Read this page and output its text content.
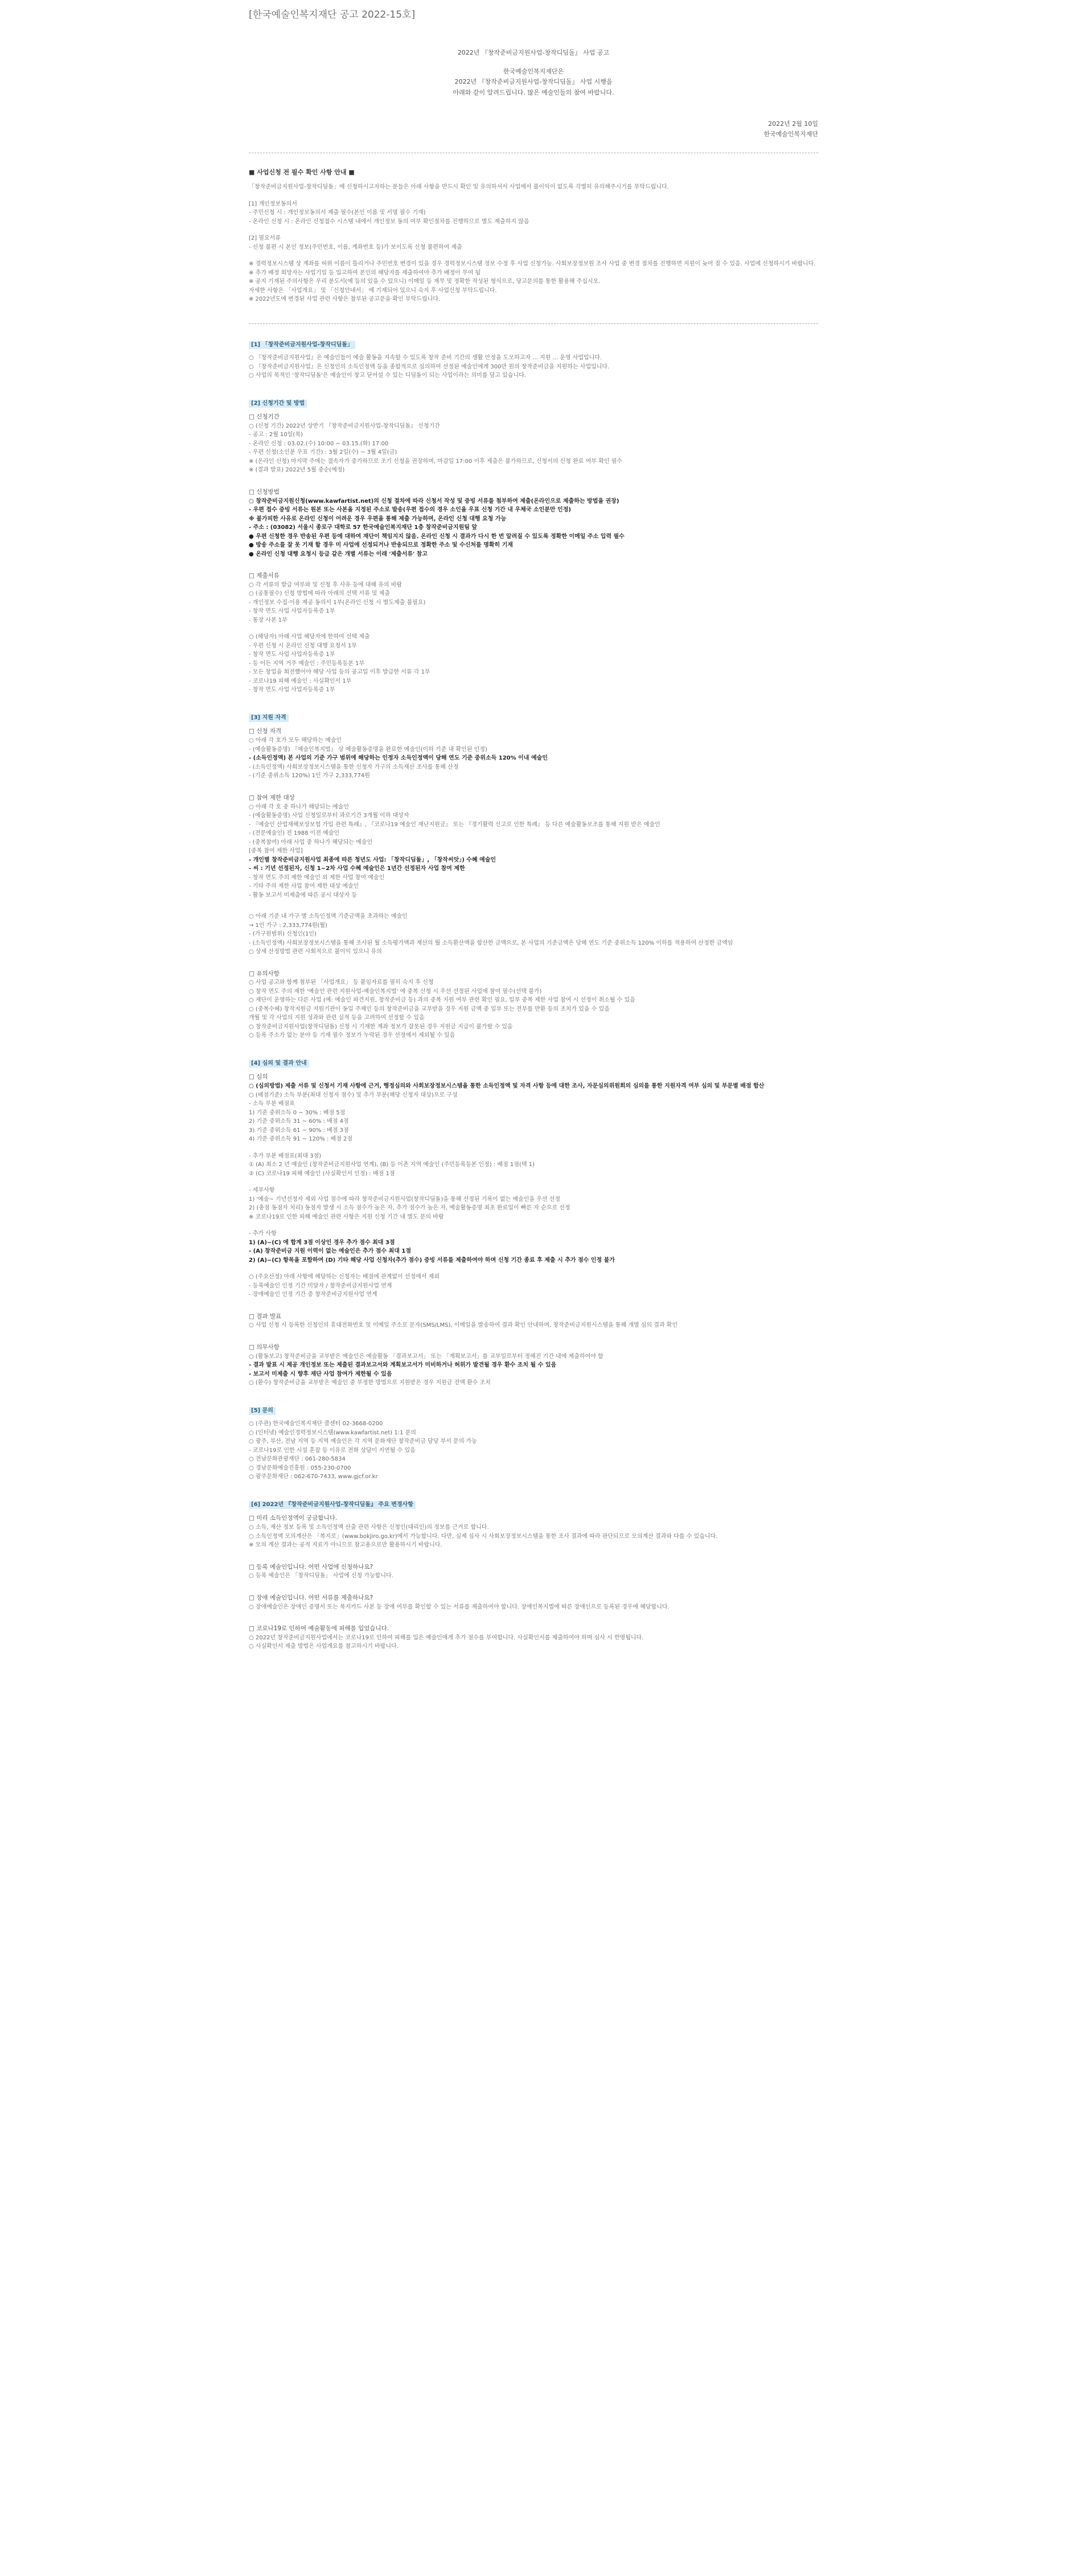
[한국예술인복지재단 공고 2022-15호]

2022년 『창작준비금지원사업-창작디딤돌』 사업 공고

한국예술인복지재단은

2022년 『창작준비금지원사업-창작디딤돌』 사업 시행을

아래와 같이 알려드립니다. 많은 예술인들의 참여 바랍니다.

2022년 2월 10일

한국예술인복지재단

■ 사업신청 전 필수 확인 사항 안내 ■

「창작준비금지원사업-창작디딤돌」에 신청하시고자하는 분들은 아래 사항을 반드시 확인 및 유의하셔서 사업에서 불이익이 없도록 각별히 유의해주시기를 부탁드립니다.

[1] 개인정보동의서

- 주민신청 시 : 개인정보동의서 제출 필수(본인 이름 및 서명 필수 기재)

- 온라인 신청 시 : 온라인 신청접수 시스템 내에서 개인정보 동의 여부 확인절차를 진행하므로 별도 제출하지 않음

[2] 필요서류

- 신청 불편 시 본인 정보(주민번호, 이름, 계좌번호 등)가 보이도록 신청 불편하여 제출

※ 경력정보시스템 상 계좌를 허위 이름이 틀리거나 주민번호 변경이 있을 경우 경력정보시스템 정보 수정 후 사업 신청가능. 사회보장정보원 조사 사업 중 변경 절차를 진행하면 지원이 늦어 질 수 있음. 사업에 신청하시기 바랍니다.

※ 추가 배정 희망자는 사업기일 등 입고하여 본인의 해당자를 제출하여야 추가 배정이 무여 됨

※ 공지 기재된 주의사항은 우리 분도서(예 등의 있을 수 있으니) 이메일 등 재무 및 정확한 작성된 형식으로, 당고문의를 통한 활용해 주십시오.

자세한 사항은 「사업개요」 및 「신청안내서」 에 기재되어 있으니 숙지 후 사업신청 부탁드립니다.

※ 2022년도에 변경된 사업 관련 사항은 참부된 공고문을 확인 부탁드립니다.

[1] 「창작준비금지원사업-창작디딤돌」

○ 『창작준비금지원사업』은 예술인들이 예술 활동을 지속할 수 있도록 창작 준비 기간의 생활 안정을 도모하고자 ... 지원 ... 운영 사업입니다.

○ 『창작준비금지원사업』은 신청인의 소득인정액 등을 종합적으로 심의하여 선정된 예술인에게 300만 원의 창작준비금을 지원하는 사업입니다.

○ 사업의 목적인 '창작디딤돌'은 예술인이 창고 딛어설 수 있는 디딤돌이 되는 사업이라는 의미를 담고 있습니다.

[2] 신청기간 및 방법

□ 신청기간

○ (신청 기간) 2022년 상반기 『창작준비금지원사업-창작디딤돌』 신청기간

- 공고 : 2월 10일(목)

- 온라인 신청 : 03.02.(수) 10:00 ~ 03.15.(화) 17:00

- 우편 신청(소인분 우표 기간) : 3월 2일(수) ~ 3월 4일(금)

※ (온라인 신청) 마지막 주에는 접속자가 증가하므로 조기 신청을 권장하며, 마감일 17:00 이후 제출은 불가하므로, 신청서의 신청 완료 여부 확인 필수

※ (결과 발표) 2022년 5월 중순(예정)

□ 신청방법

○ 창작준비금지원신청(www.kawfartist.net)의 신청 절차에 따라 신청서 작성 및 증빙 서류를 첨부하여 제출(온라인으로 제출하는 방법을 권장)

- 우편 접수 증빙 서류는 원본 또는 사본을 지정된 주소로 발송(우편 접수의 경우 소인을 우표 신청 기간 내 우체국 소인분만 인정)

※ 불가피한 사유로 온라인 신청이 어려운 경우 우편을 통해 제출 가능하며, 온라인 신청 대행 요청 가능

- 주소 : (03082) 서울시 종로구 대학로 57 한국예술인복지재단 1층 창작준비금지원팀 앞

● 우편 신청한 경우 반송된 우편 등에 대하여 재단이 책임지지 않음. 온라인 신청 시 결과가 다시 한 번 알려질 수 있도록 정확한 이메일 주소 입력 필수

● 방송 주소를 잘 못 기재 할 경우 미 사업에 선정되거나 반송되므로 정확한 주소 및 수신처를 명확히 기재

● 온라인 신청 대행 요청시 등급 같은 개별 서류는 이래 '제출서류' 참고

□ 제출서류

○ 각 서류의 발급 여부와 및 신청 후 사유 등에 대해 유의 바람

○ (공통필수) 신청 방법에 따라 아래의 선택 서류 및 제출

- 개인정보 수집·이용 제공 동의서 1부(온라인 신청 시 별도제출 불필요)

- 창작 면도 사업 사업자등록증 1부

- 통장 사본 1부

○ (해당자) 아래 사업 해당자에 한하여 선택 제출

- 우편 신청 시 온라인 신청 대행 요청서 1부

- 창작 면도 사업 사업자등록증 1부

- 등 어든 지역 거주 예술인 : 주민등록등본 1부

- 모든 창업을 회전했어야 해당 사업 등의 공고일 이후 발급한 서류 각 1부

- 코로나19 피해 예술인 : 사실확인서 1부

- 창작 면도 사업 사업자등록증 1부

[3] 지원 자격

□ 신청 자격

○ 아래 각 호가 모두 해당하는 예술인

- (예술활동증명) 『예술인복지법』 상 예술활동증명을 완료한 예술인(이하 기준 내 확인된 인정)

- (소득인정액) 본 사업의 기준 가구 범위에 해당하는 인정자 소득인정액이 당해 연도 기준 중위소득 120% 이내 예술인

- (소득인정액) 사회보장정보시스템을 통한 신청자 가구의 소득재산 조사를 통해 산정

- (기준 중위소득 120%) 1인 가구 2,333,774원

□ 참여 제한 대상

○ 아래 각 호 중 하나가 해당되는 예술인

- (예술활동증명) 사업 신청일로부터 과로기간 3개월 이하 대상자

- 『예술인 산업재해보상보험 가입 관련 특례』, 『코로나19 예술인 재난지원금』 또는 『경기활력 신고로 인한 특례』 등 다른 예술활동보조를 통해 지원 받은 예술인

- (전문예술인) 전 1988 이전 예술인

- (중복참여) 아래 사업 중 하나가 해당되는 예술인

[중복 참여 제한 사업]

- 개인별 창작준비금지원사업 최종에 따른 청년도 사업: 「창작디딤돌」, 「창작씨앗」) 수혜 예술인

- 씨 : 기년 선정된자, 신청 1~2차 사업 수혜 예술인은 1년간 선정된자 사업 참여 제한

- 창작 면도 주의 제한 예술인 외 제한 사업 참여 예술인

- 기타 주의 제한 사업 참여 제한 대상 예술인

- 활동 보고서 미제출에 따른 공시 대상자 등

○ 아래 기준 내 가구 별 소득인정액 기준금액을 초과하는 예술인

→ 1인 가구 : 2,333,774원(월)

- (가구원범위) 신청인(1인)

- (소득인정액) 사회보장정보시스템을 통해 조사된 월 소득평가액과 재산의 월 소득환산액을 합산한 금액으로, 본 사업의 기준금액은 당해 연도 기준 중위소득 120% 이하를 적용하여 산정한 금액임

○ 상세 산정방법 관련 사회적으로 불이익 있으니 유의

□ 유의사항

○ 사업 공고와 함께 첨부된 「사업개요」 등 붙임자료를 필히 숙지 후 신청

○ 창작 면도 주의 제한 '예술인 관련 지원사업-예술인복지법' 에 중복 신청 시 우선 선정된 사업에 참여 필수(선택 불가)

○ 재단이 운영하는 다른 사업 (예: 예술인 파견지원, 창작준비금 등) 과의 중복 지원 여부 관련 확인 필요, 일부 중복 제한 사업 참여 시 선정이 취소될 수 있음

○ (중복수혜) 창작지원금 지원기관이 동일 주체인 등의 창작준비금을 교부받을 경우 지원 금액 중 일부 또는 전부를 반환 등의 조치가 있을 수 있음

개월 및 각 사업의 지원 성과와 관련 실적 등을 고려하여 선정할 수 있음

○ 창작준비금지원사업(창작디딤돌) 신청 시 기재한 계좌 정보가 잘못된 경우 지원금 지급이 불가할 수 있음

○ 등록 주소가 없는 분야 등 기재 필수 정보가 누락된 경우 선정에서 제외될 수 있음

[4] 심의 및 결과 안내

□ 심의

○ (심의방법) 제출 서류 및 신청서 기재 사항에 근거, 행정심의와 사회보장정보시스템을 통한 소득인정액 및 자격 사항 등에 대한 조사, 자문심의위원회의 심의를 통한 지원자격 여부 심의 및 부문별 배점 합산

○ (배점기준) 소득 부분(최대 신청자 점수) 및 추가 부분(해당 신청자 대상)으로 구성

- 소득 부분 배점표

1) 기준 중위소득 0 ~ 30% : 배점 5점

2) 기준 중위소득 31 ~ 60% : 배점 4점

3) 기준 중위소득 61 ~ 90% : 배점 3점

4) 기준 중위소득 91 ~ 120% : 배점 2점

- 추가 부분 배점표(최대 3점)

① (A) 최소 2 년 예술인 (창작준비금지원사업 연계), (B) 등 이촌 지역 예술인 (주민등록등본 인정) : 배점 1점(택 1)

② (C) 코로나19 피해 예술인 (사실확인서 인정) : 배점 1점

- 세부사항

1) '예술~ 기년선정자 제외 사업 점수에 따라 창작준비금지원사업(창작디딤돌)을 통해 선정된 기록이 없는 예술인을 우선 선정

2) (총점 동점자 처리) 동점자 발생 시 소득 점수가 높은 자, 추가 점수가 높은 자, 예술활동증명 최초 완료일이 빠른 자 순으로 선정

※ 코로나19로 인한 피해 예술인 관련 사항은 지원 신청 기간 내 별도 문의 바람

- 추가 사항

1) (A)~(C) 에 합계 3점 이상인 경우 추가 점수 최대 3점

- (A) 창작준비금 지원 이력이 없는 예술인은 추가 점수 최대 1점

2) (A)~(C) 항목을 포함하여 (D) 기타 해당 사업 신청자(추가 점수) 증빙 서류를 제출하여야 하며 신청 기간 종료 후 제출 시 추가 점수 인정 불가

○ (주요산정) 아래 사항에 해당하는 신청자는 배점에 관계없이 선정에서 제외

- 등록예술인 인정 기간 미달자 / 창작준비금지원사업 연계

- 장애예술인 인정 기간 중 창작준비금지원사업 연계

□ 결과 발표

○ 사업 신청 시 등록한 신청인의 휴대전화번호 및 이메일 주소로 문자(SMS/LMS), 이메일을 발송하여 결과 확인 안내하며, 창작준비금지원시스템을 통해 개별 심의 결과 확인

□ 의무사항

○ (활동보고) 창작준비금을 교부받은 예술인은 예술활동 「결과보고서」 또는 「계획보고서」를 교부일로부터 정해진 기간 내에 제출하여야 함

- 결과 발표 시 제공 개인정보 또는 제출된 결과보고서와 계획보고서가 미비하거나 허위가 발견될 경우 환수 조치 될 수 있음

- 보고서 미제출 시 향후 재단 사업 참여가 제한될 수 있음

○ (환수) 창작준비금을 교부받은 예술인 중 부정한 방법으로 지원받은 경우 지원금 전액 환수 조치

[5] 문의

○ (주관) 한국예술인복지재단 콜센터 02-3668-0200

○ (인터넷) 예술인경력정보시스템(www.kawfartist.net) 1:1 문의

○ 광주, 부산, 전남 지역 등 지역 예술인은 각 지역 문화재단 창작준비금 담당 부서 문의 가능

- 코로나19로 인한 시설 혼잡 등 이유로 전화 상담이 지연될 수 있음

○ 전남문화관광재단 : 061-280-5834

○ 경남문화예술진흥원 : 055-230-0700

○ 광주문화재단 : 062-670-7433, www.gjcf.or.kr

[6] 2022년 『창작준비금지원사업-창작디딤돌』 주요 변경사항

□ 미리 소득인정액이 궁금합니다.

○ 소득, 재산 정보 등록 및 소득인정액 산출 관련 사항은 신청인(대리인)의 정보를 근거로 합니다.

○ 소득인정액 모의계산은 「복지로」(www.bokjiro.go.kr)에서 가능합니다. 다만, 실제 심사 시 사회보장정보시스템을 통한 조사 결과에 따라 판단되므로 모의계산 결과와 다를 수 있습니다.

※ 모의 계산 결과는 공적 자료가 아니므로 참고용으로만 활용하시기 바랍니다.

□ 등록 예술인입니다. 어떤 사업에 신청하나요?

○ 등록 예술인은 「창작디딤돌」 사업에 신청 가능합니다.

□ 장애 예술인입니다. 어떤 서류를 제출하나요?

○ 장애예술인은 장애인 증명서 또는 복지카드 사본 등 장애 여부를 확인할 수 있는 서류를 제출하여야 합니다. 장애인복지법에 따른 장애인으로 등록된 경우에 해당합니다.

□ 코로나19로 인하여 예술활동에 피해를 입었습니다.

○ 2022년 창작준비금지원사업에서는 코로나19로 인하여 피해를 입은 예술인에게 추가 점수를 부여합니다. 사실확인서를 제출하여야 하며 심사 시 반영됩니다.

○ 사실확인서 제출 방법은 사업개요를 참고하시기 바랍니다.
